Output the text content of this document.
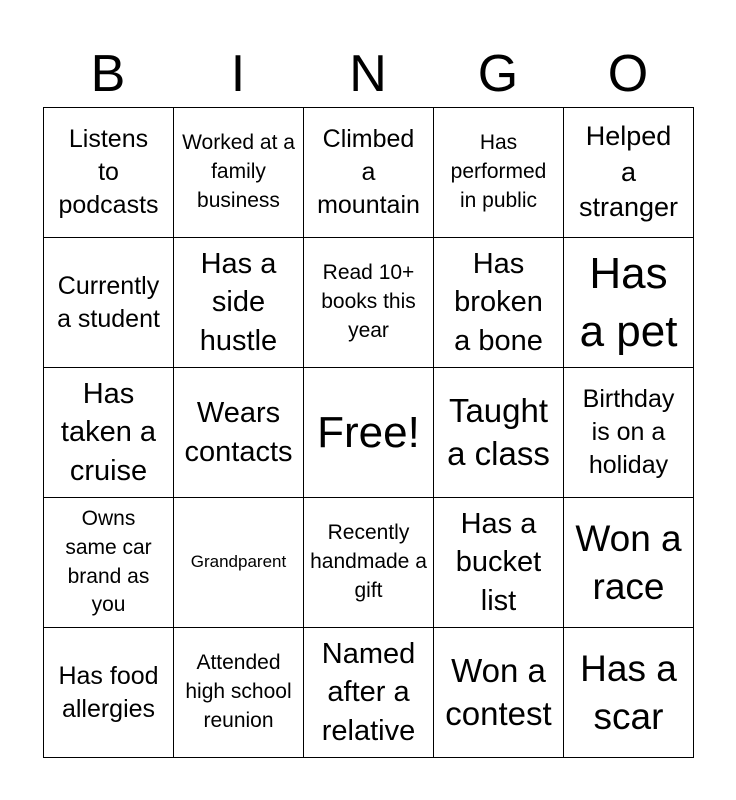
B	I	N	G	O
Listens to podcasts
Worked at a family business
Climbed a mountain
Has performed in public
Helped a stranger
Currently a student
Has a side hustle
Read 10+ books this year
Has broken a bone
Has a pet
Has taken a cruise
Wears contacts Free! Taught a class
Birthday is on a holiday
Owns same car brand as you
Grandparent
Recently handmade a gift
Has a bucket list
Won a race
Has food allergies
Attended high school reunion
Named after a relative
Won a contest
Has a scar
